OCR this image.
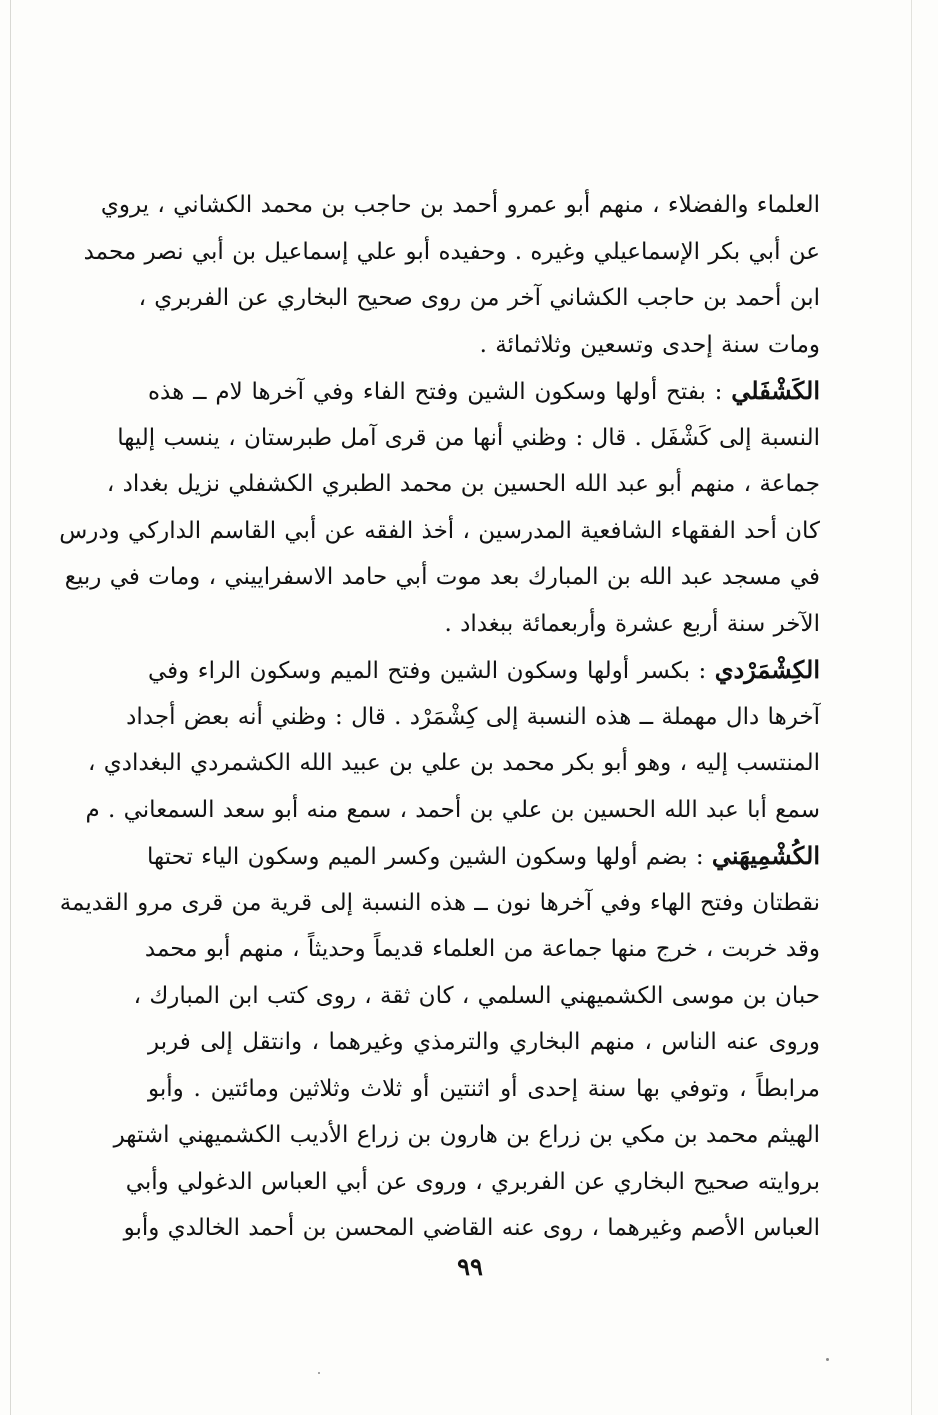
العلماء والفضلاء ، منهم أبو عمرو أحمد بن حاجب بن محمد الكشاني ، يروي
عن أبي بكر الإسماعيلي وغيره . وحفيده أبو علي إسماعيل بن أبي نصر محمد
ابن أحمد بن حاجب الكشاني آخر من روى صحيح البخاري عن الفربري ،
ومات سنة إحدى وتسعين وثلاثمائة .
الكَشْفَلي : بفتح أولها وسكون الشين وفتح الفاء وفي آخرها لام ــ هذه
النسبة إلى كَشْفَل . قال : وظني أنها من قرى آمل طبرستان ، ينسب إليها
جماعة ، منهم أبو عبد الله الحسين بن محمد الطبري الكشفلي نزيل بغداد ،
كان أحد الفقهاء الشافعية المدرسين ، أخذ الفقه عن أبي القاسم الداركي ودرس
في مسجد عبد الله بن المبارك بعد موت أبي حامد الاسفراييني ، ومات في ربيع
الآخر سنة أربع عشرة وأربعمائة ببغداد .
الكِشْمَرْدي : بكسر أولها وسكون الشين وفتح الميم وسكون الراء وفي
آخرها دال مهملة ــ هذه النسبة إلى كِشْمَرْد . قال : وظني أنه بعض أجداد
المنتسب إليه ، وهو أبو بكر محمد بن علي بن عبيد الله الكشمردي البغدادي ،
سمع أبا عبد الله الحسين بن علي بن أحمد ، سمع منه أبو سعد السمعاني . م
الكُشْمِيهَني : بضم أولها وسكون الشين وكسر الميم وسكون الياء تحتها
نقطتان وفتح الهاء وفي آخرها نون ــ هذه النسبة إلى قرية من قرى مرو القديمة
وقد خربت ، خرج منها جماعة من العلماء قديماً وحديثاً ، منهم أبو محمد
حبان بن موسى الكشميهني السلمي ، كان ثقة ، روى كتب ابن المبارك ،
وروى عنه الناس ، منهم البخاري والترمذي وغيرهما ، وانتقل إلى فربر
مرابطاً ، وتوفي بها سنة إحدى أو اثنتين أو ثلاث وثلاثين ومائتين . وأبو
الهيثم محمد بن مكي بن زراع بن هارون بن زراع الأديب الكشميهني اشتهر
بروايته صحيح البخاري عن الفربري ، وروى عن أبي العباس الدغولي وأبي
العباس الأصم وغيرهما ، روى عنه القاضي المحسن بن أحمد الخالدي وأبو
٩٩
